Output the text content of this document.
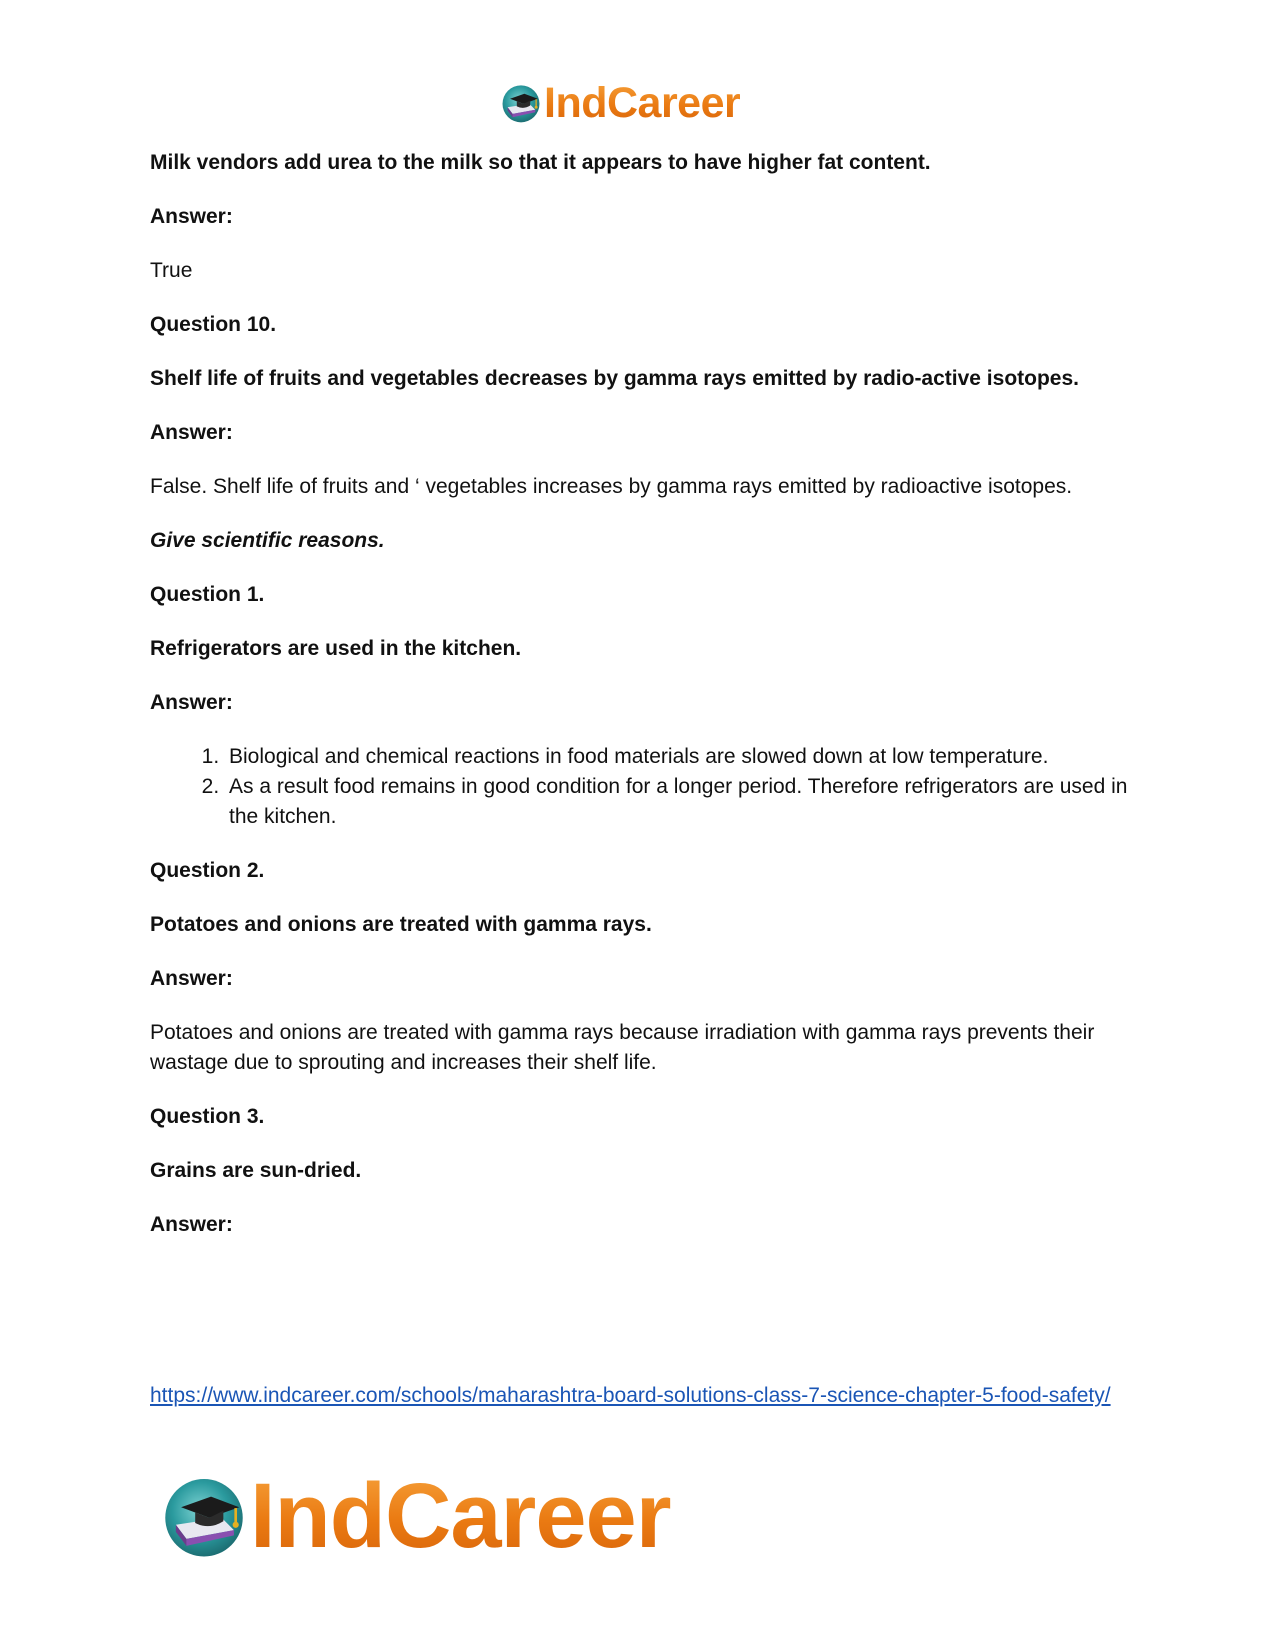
IndCareer

Milk vendors add urea to the milk so that it appears to have higher fat content.

Answer:

True

Question 10.

Shelf life of fruits and vegetables decreases by gamma rays emitted by radio-active isotopes.

Answer:

False. Shelf life of fruits and ‘ vegetables increases by gamma rays emitted by radioactive isotopes.

Give scientific reasons.

Question 1.

Refrigerators are used in the kitchen.

Answer:

1. Biological and chemical reactions in food materials are slowed down at low temperature.
2. As a result food remains in good condition for a longer period. Therefore refrigerators are used in the kitchen.

Question 2.

Potatoes and onions are treated with gamma rays.

Answer:

Potatoes and onions are treated with gamma rays because irradiation with gamma rays prevents their wastage due to sprouting and increases their shelf life.

Question 3.

Grains are sun-dried.

Answer:

https://www.indcareer.com/schools/maharashtra-board-solutions-class-7-science-chapter-5-food-safety/
IndCareer
